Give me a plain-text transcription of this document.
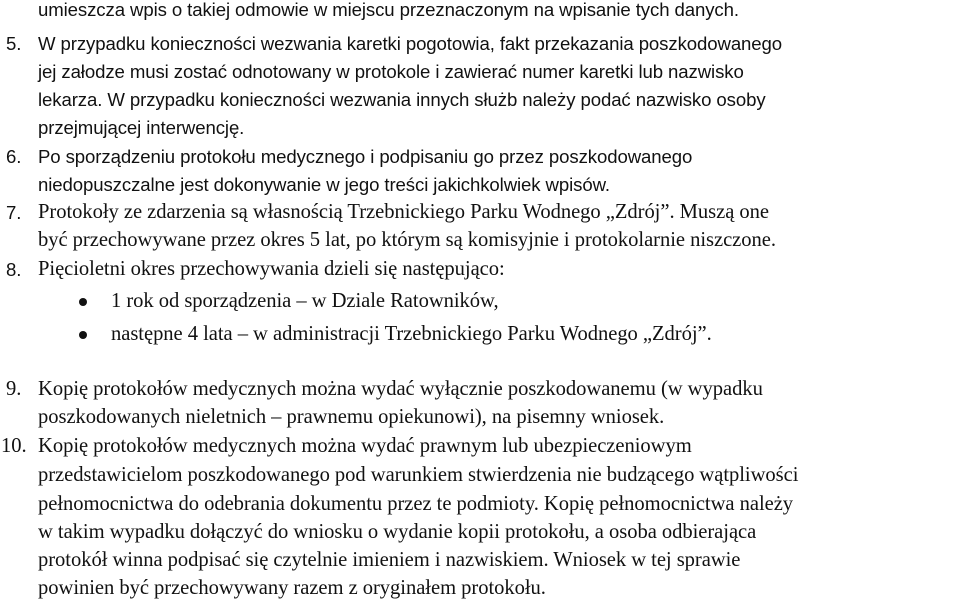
umieszcza wpis o takiej odmowie w miejscu przeznaczonym na wpisanie tych danych.
5. W przypadku konieczności wezwania karetki pogotowia, fakt przekazania poszkodowanego
jej załodze musi zostać odnotowany w protokole i zawierać numer karetki lub nazwisko
lekarza. W przypadku konieczności wezwania innych służb należy podać nazwisko osoby
przejmującej interwencję.
6. Po sporządzeniu protokołu medycznego i podpisaniu go przez poszkodowanego
niedopuszczalne jest dokonywanie w jego treści jakichkolwiek wpisów.
7. Protokoły ze zdarzenia są własnością Trzebnickiego Parku Wodnego „Zdrój”. Muszą one
być przechowywane przez okres 5 lat, po którym są komisyjnie i protokolarnie niszczone.
8. Pięcioletni okres przechowywania dzieli się następująco:
1 rok od sporządzenia – w Dziale Ratowników,
następne 4 lata – w administracji Trzebnickiego Parku Wodnego „Zdrój”.
9. Kopię protokołów medycznych można wydać wyłącznie poszkodowanemu (w wypadku
poszkodowanych nieletnich – prawnemu opiekunowi), na pisemny wniosek.
10. Kopię protokołów medycznych można wydać prawnym lub ubezpieczeniowym
przedstawicielom poszkodowanego pod warunkiem stwierdzenia nie budzącego wątpliwości
pełnomocnictwa do odebrania dokumentu przez te podmioty. Kopię pełnomocnictwa należy
w takim wypadku dołączyć do wniosku o wydanie kopii protokołu, a osoba odbierająca
protokół winna podpisać się czytelnie imieniem i nazwiskiem. Wniosek w tej sprawie
powinien być przechowywany razem z oryginałem protokołu.
